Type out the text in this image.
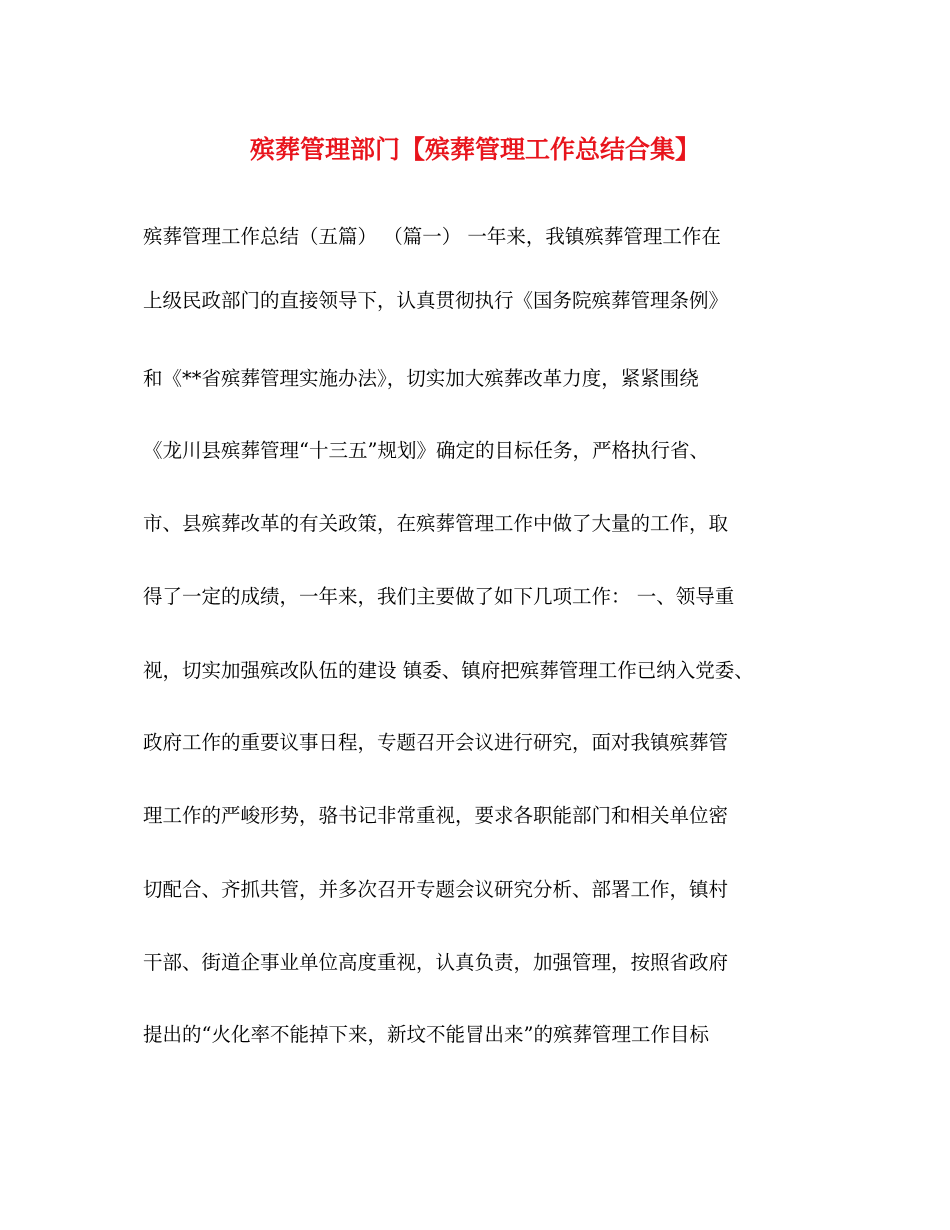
殡葬管理部门【殡葬管理工作总结合集】
殡葬管理工作总结（五篇） （篇一） 一年来，我镇殡葬管理工作在
上级民政部门的直接领导下，认真贯彻执行《国务院殡葬管理条例》
和《**省殡葬管理实施办法》，切实加大殡葬改革力度，紧紧围绕
《龙川县殡葬管理“十三五”规划》确定的目标任务，严格执行省、
市、县殡葬改革的有关政策，在殡葬管理工作中做了大量的工作，取
得了一定的成绩，一年来，我们主要做了如下几项工作： 一、领导重
视，切实加强殡改队伍的建设 镇委、镇府把殡葬管理工作已纳入党委、
政府工作的重要议事日程，专题召开会议进行研究，面对我镇殡葬管
理工作的严峻形势，骆书记非常重视，要求各职能部门和相关单位密
切配合、齐抓共管，并多次召开专题会议研究分析、部署工作，镇村
干部、街道企事业单位高度重视，认真负责，加强管理，按照省政府
提出的“火化率不能掉下来，新坟不能冒出来”的殡葬管理工作目标
